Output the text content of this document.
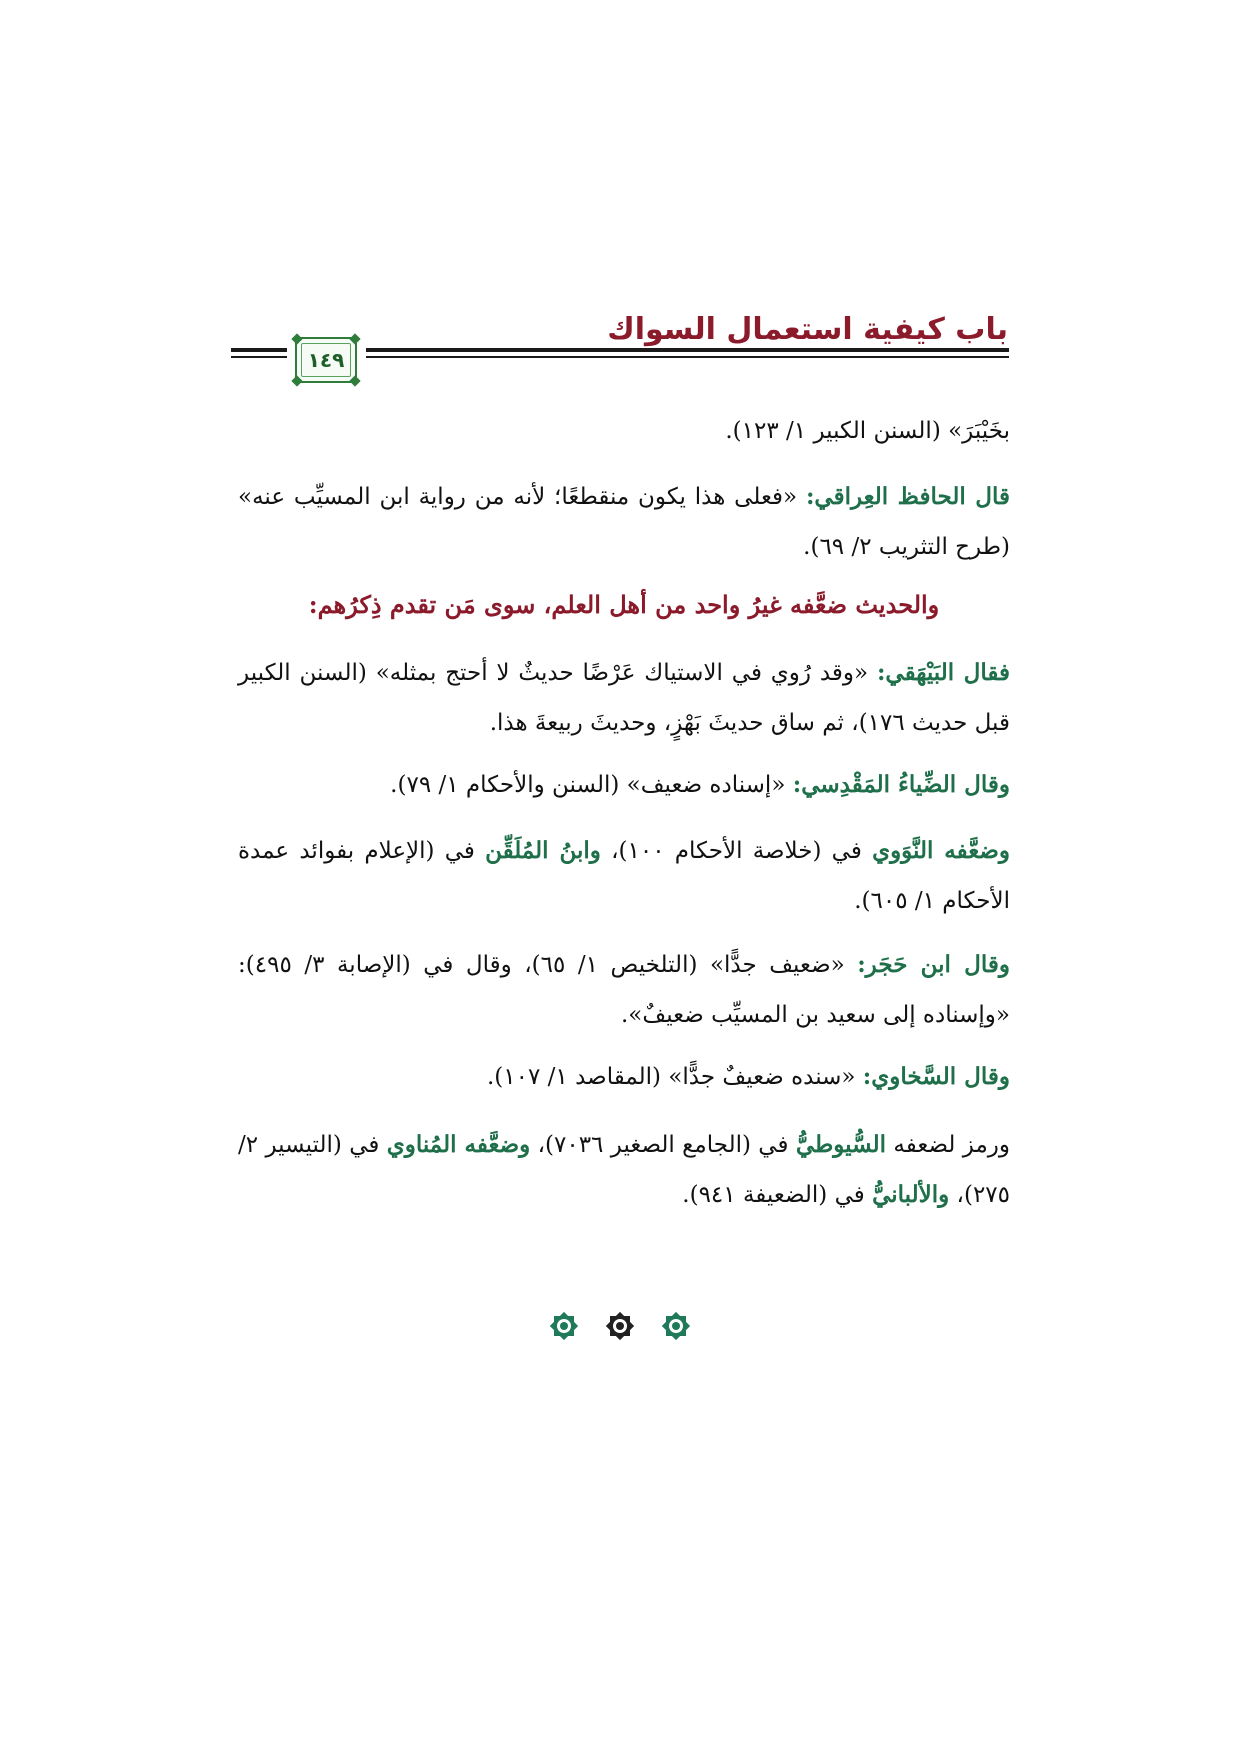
باب كيفية استعمال السواك
١٤٩
بخَيْبَرَ» (السنن الكبير ١/ ١٢٣).
قال الحافظ العِراقي: «فعلى هذا يكون منقطعًا؛ لأنه من رواية ابن المسيِّب عنه» (طرح التثريب ٢/ ٦٩).
والحديث ضعَّفه غيرُ واحد من أهل العلم، سوى مَن تقدم ذِكرُهم:
فقال البَيْهَقي: «وقد رُوي في الاستياك عَرْضًا حديثٌ لا أحتج بمثله» (السنن الكبير قبل حديث ١٧٦)، ثم ساق حديثَ بَهْزٍ، وحديثَ ربيعةَ هذا.
وقال الضِّياءُ المَقْدِسي: «إسناده ضعيف» (السنن والأحكام ١/ ٧٩).
وضعَّفه النَّوَوي في (خلاصة الأحكام ١٠٠)، وابنُ المُلَقِّن في (الإعلام بفوائد عمدة الأحكام ١/ ٦٠٥).
وقال ابن حَجَر: «ضعيف جدًّا» (التلخيص ١/ ٦٥)، وقال في (الإصابة ٣/ ٤٩٥): «وإسناده إلى سعيد بن المسيِّب ضعيفٌ».
وقال السَّخاوي: «سنده ضعيفٌ جدًّا» (المقاصد ١/ ١٠٧).
ورمز لضعفه السُّيوطيُّ في (الجامع الصغير ٧٠٣٦)، وضعَّفه المُناوي في (التيسير ٢/ ٢٧٥)، والألبانيُّ في (الضعيفة ٩٤١).
